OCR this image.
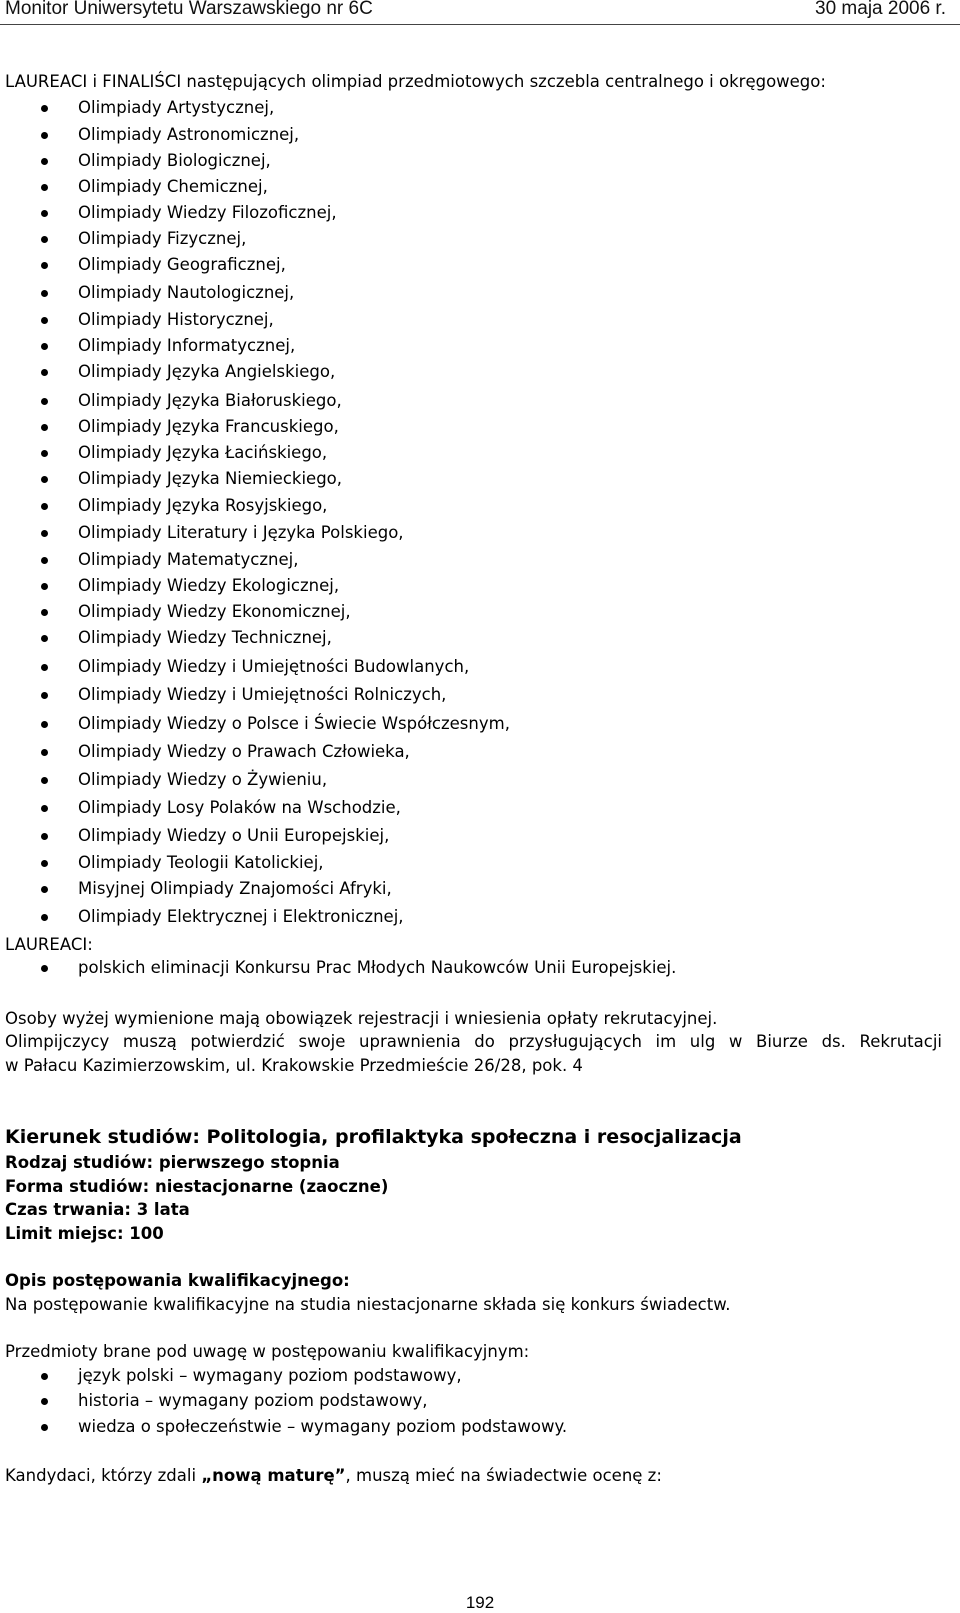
Monitor Uniwersytetu Warszawskiego nr 6C	30 maja 2006 r.
LAUREACI i FINALIŚCI następujących olimpiad przedmiotowych szczebla centralnego i okręgowego:
Olimpiady Artystycznej,
Olimpiady Astronomicznej,
Olimpiady Biologicznej,
Olimpiady Chemicznej,
Olimpiady Wiedzy Filozoficznej,
Olimpiady Fizycznej,
Olimpiady Geograficznej,
Olimpiady Nautologicznej,
Olimpiady Historycznej,
Olimpiady Informatycznej,
Olimpiady Języka Angielskiego,
Olimpiady Języka Białoruskiego,
Olimpiady Języka Francuskiego,
Olimpiady Języka Łacińskiego,
Olimpiady Języka Niemieckiego,
Olimpiady Języka Rosyjskiego,
Olimpiady Literatury i Języka Polskiego,
Olimpiady Matematycznej,
Olimpiady Wiedzy Ekologicznej,
Olimpiady Wiedzy Ekonomicznej,
Olimpiady Wiedzy Technicznej,
Olimpiady Wiedzy i Umiejętności Budowlanych,
Olimpiady Wiedzy i Umiejętności Rolniczych,
Olimpiady Wiedzy o Polsce i Świecie Współczesnym,
Olimpiady Wiedzy o Prawach Człowieka,
Olimpiady Wiedzy o Żywieniu,
Olimpiady Losy Polaków na Wschodzie,
Olimpiady Wiedzy o Unii Europejskiej,
Olimpiady Teologii Katolickiej,
Misyjnej Olimpiady Znajomości Afryki,
Olimpiady Elektrycznej i Elektronicznej,
LAUREACI:
polskich eliminacji Konkursu Prac Młodych Naukowców Unii Europejskiej.
Osoby wyżej wymienione mają obowiązek rejestracji i wniesienia opłaty rekrutacyjnej.
Olimpijczycy muszą potwierdzić swoje uprawnienia do przysługujących im ulg w Biurze ds. Rekrutacji
w Pałacu Kazimierzowskim, ul. Krakowskie Przedmieście 26/28, pok. 4
Kierunek studiów: Politologia, profilaktyka społeczna i resocjalizacja
Rodzaj studiów: pierwszego stopnia
Forma studiów: niestacjonarne (zaoczne)
Czas trwania: 3 lata
Limit miejsc: 100
Opis postępowania kwalifikacyjnego:
Na postępowanie kwalifikacyjne na studia niestacjonarne składa się konkurs świadectw.
Przedmioty brane pod uwagę w postępowaniu kwalifikacyjnym:
język polski – wymagany poziom podstawowy,
historia – wymagany poziom podstawowy,
wiedza o społeczeństwie – wymagany poziom podstawowy.
Kandydaci, którzy zdali „nową maturę”, muszą mieć na świadectwie ocenę z:
192
